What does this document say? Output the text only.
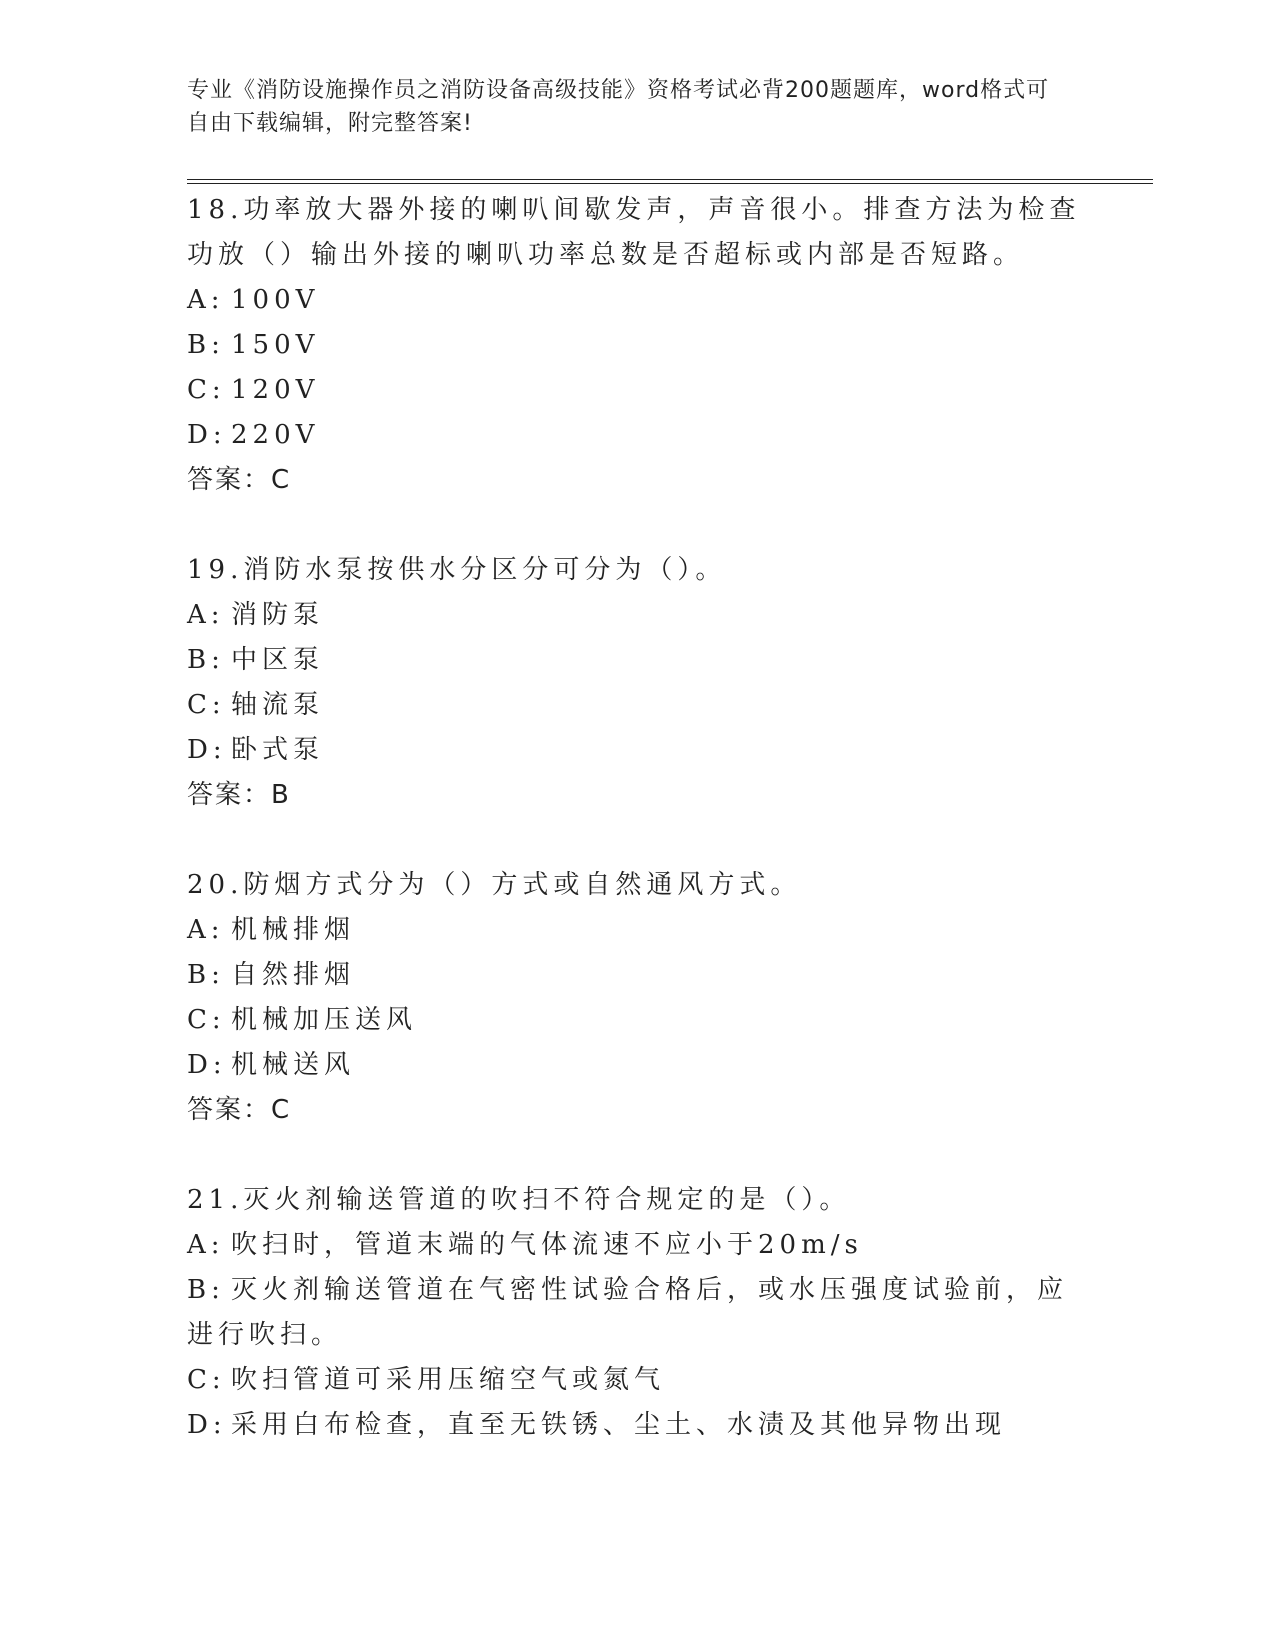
专业《消防设施操作员之消防设备高级技能》资格考试必背200题题库，word格式可自由下载编辑，附完整答案!

18.功率放大器外接的喇叭间歇发声，声音很小。排查方法为检查功放（）输出外接的喇叭功率总数是否超标或内部是否短路。

A: 100V

B: 150V

C: 120V

D: 220V

答案：C

19.消防水泵按供水分区分可分为（）。

A: 消防泵

B: 中区泵

C: 轴流泵

D: 卧式泵

答案：B

20.防烟方式分为（）方式或自然通风方式。

A: 机械排烟

B: 自然排烟

C: 机械加压送风

D: 机械送风

答案：C

21.灭火剂输送管道的吹扫不符合规定的是（）。

A: 吹扫时，管道末端的气体流速不应小于20m/s

B: 灭火剂输送管道在气密性试验合格后，或水压强度试验前，应进行吹扫。

C: 吹扫管道可采用压缩空气或氮气

D: 采用白布检查，直至无铁锈、尘土、水渍及其他异物出现
